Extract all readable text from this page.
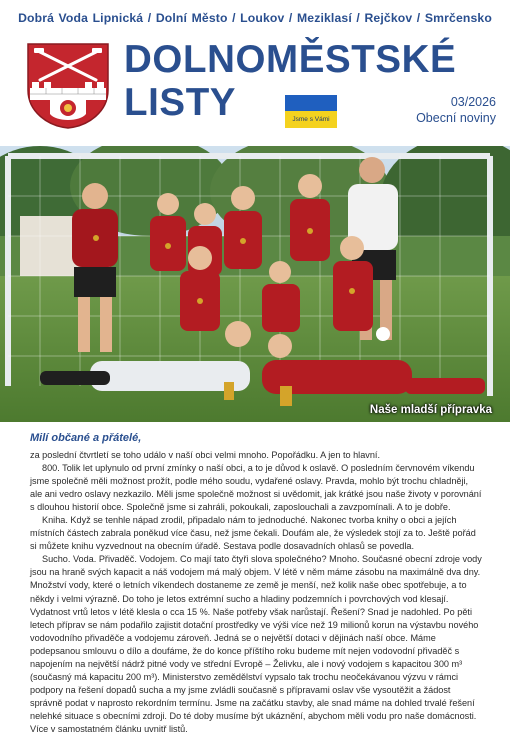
Dobrá Voda Lipnická / Dolní Město / Loukov / Meziklasí / Rejčkov / Smrčensko
DOLNOMĚSTSKÉ
LISTY	Jsme s Vámi
03/2026
Obecní noviny
Naše mladší přípravka
Milí občané a přátelé,

za poslední čtvrtletí se toho událo v naší obci velmi mnoho. Popořádku. A jen to hlavní.

800. Tolik let uplynulo od první zmínky o naší obci, a to je důvod k oslavě. O posledním červnovém víkendu jsme společně měli možnost prožít, podle mého soudu, vydařené oslavy. Pravda, mohlo být trochu chladněji, ale ani vedro oslavy nezkazilo. Měli jsme společně možnost si uvědomit, jak krátké jsou naše životy v porovnání s dlouhou historií obce. Společně jsme si zahráli, pokoukali, zaposlouchali a zavzpomínali. A to je dobře.

Kniha. Když se tenhle nápad zrodil, připadalo nám to jednoduché. Nakonec tvorba knihy o obci a jejích místních částech zabrala poněkud více času, než jsme čekali. Doufám ale, že výsledek stojí za to. Ještě pořád si můžete knihu vyzvednout na obecním úřadě. Sestava podle dosavadních ohlasů se povedla.

Sucho. Voda. Přivaděč. Vodojem. Co mají tato čtyři slova společného? Mnoho. Současné obecní zdroje vody jsou na hraně svých kapacit a náš vodojem má malý objem. V létě v něm máme zásobu na maximálně dva dny. Množství vody, které o letních víkendech dostaneme ze země je menší, než kolik naše obec spotřebuje, a to někdy i velmi výrazně. Do toho je letos extrémní sucho a hladiny podzemních i povrchových vod klesají. Vydatnost vrtů letos v létě klesla o cca 15 %. Naše potřeby však narůstají. Řešení? Snad je nadohled. Po pěti letech příprav se nám podařilo zajistit dotační prostředky ve výši více než 19 milionů korun na výstavbu nového vodovodního přivaděče a vodojemu zároveň. Jedná se o největší dotaci v dějinách naší obce. Máme podepsanou smlouvu o dílo a doufáme, že do konce příštího roku budeme mít nejen vodovodní přivaděč s napojením na největší nádrž pitné vody ve střední Evropě – Želivku, ale i nový vodojem s kapacitou 300 m³ (současný má kapacitu 200 m³). Ministerstvo zemědělství vypsalo tak trochu neočekávanou výzvu v rámci podpory na řešení dopadů sucha a my jsme zvládli současně s přípravami oslav vše vysoutěžit a žádost správně podat v naprosto rekordním termínu. Jsme na začátku stavby, ale snad máme na dohled trvalé řešení nelehké situace s obecními zdroji. Do té doby musíme být ukáznění, abychom měli vodu pro naše domácnosti. Více v samostatném článku uvnitř listů.
